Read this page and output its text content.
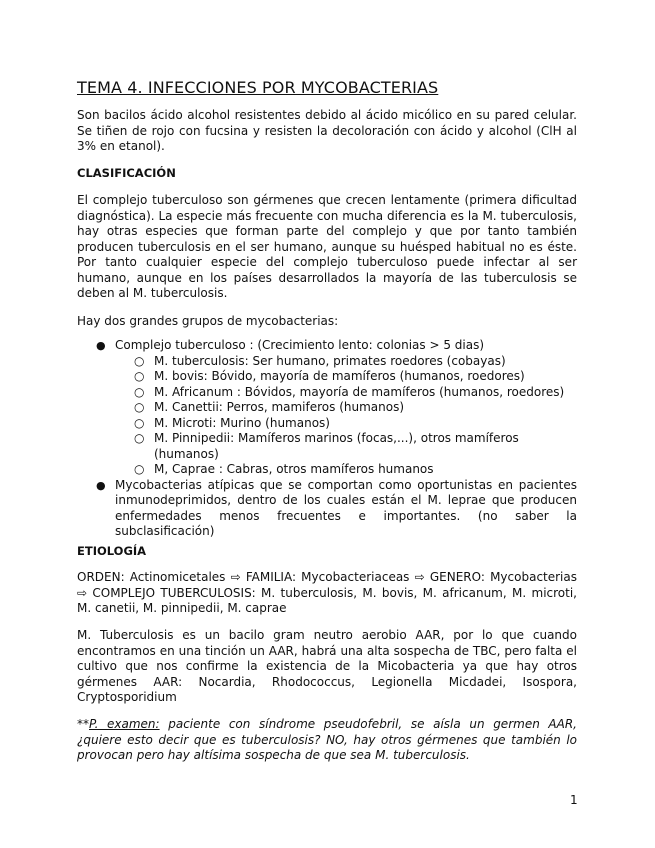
TEMA 4. INFECCIONES POR MYCOBACTERIAS

Son bacilos ácido alcohol resistentes debido al ácido micólico en su pared celular. Se tiñen de rojo con fucsina y resisten la decoloración con ácido y alcohol (ClH al 3% en etanol).

CLASIFICACIÓN

El complejo tuberculoso son gérmenes que crecen lentamente (primera dificultad diagnóstica). La especie más frecuente con mucha diferencia es la M. tuberculosis, hay otras especies que forman parte del complejo y que por tanto también producen tuberculosis en el ser humano, aunque su huésped habitual no es éste. Por tanto cualquier especie del complejo tuberculoso puede infectar al ser humano, aunque en los países desarrollados la mayoría de las tuberculosis se deben al M. tuberculosis.

Hay dos grandes grupos de mycobacterias:

● Complejo tuberculoso : (Crecimiento lento: colonias > 5 dias)
○ M. tuberculosis: Ser humano, primates roedores (cobayas)
○ M. bovis: Bóvido, mayoría de mamíferos (humanos, roedores)
○ M. Africanum : Bóvidos, mayoría de mamíferos (humanos, roedores)
○ M. Canettii: Perros, mamiferos (humanos)
○ M. Microti: Murino (humanos)
○ M. Pinnipedii: Mamíferos marinos (focas,...), otros mamíferos (humanos)
○ M, Caprae : Cabras, otros mamíferos humanos
● Mycobacterias atípicas que se comportan como oportunistas en pacientes inmunodeprimidos, dentro de los cuales están el M. leprae que producen enfermedades menos frecuentes e importantes. (no saber la subclasificación)
ETIOLOGÍA

ORDEN: Actinomicetales ⇨ FAMILIA: Mycobacteriaceas ⇨ GENERO: Mycobacterias ⇨ COMPLEJO TUBERCULOSIS: M. tuberculosis, M. bovis, M. africanum, M. microti, M. canetii, M. pinnipedii, M. caprae

M. Tuberculosis es un bacilo gram neutro aerobio AAR, por lo que cuando encontramos en una tinción un AAR, habrá una alta sospecha de TBC, pero falta el cultivo que nos confirme la existencia de la Micobacteria ya que hay otros gérmenes AAR: Nocardia, Rhodococcus, Legionella Micdadei, Isospora, Cryptosporidium

**P. examen: paciente con síndrome pseudofebril, se aísla un germen AAR, ¿quiere esto decir que es tuberculosis? NO, hay otros gérmenes que también lo provocan pero hay altísima sospecha de que sea M. tuberculosis.

1
